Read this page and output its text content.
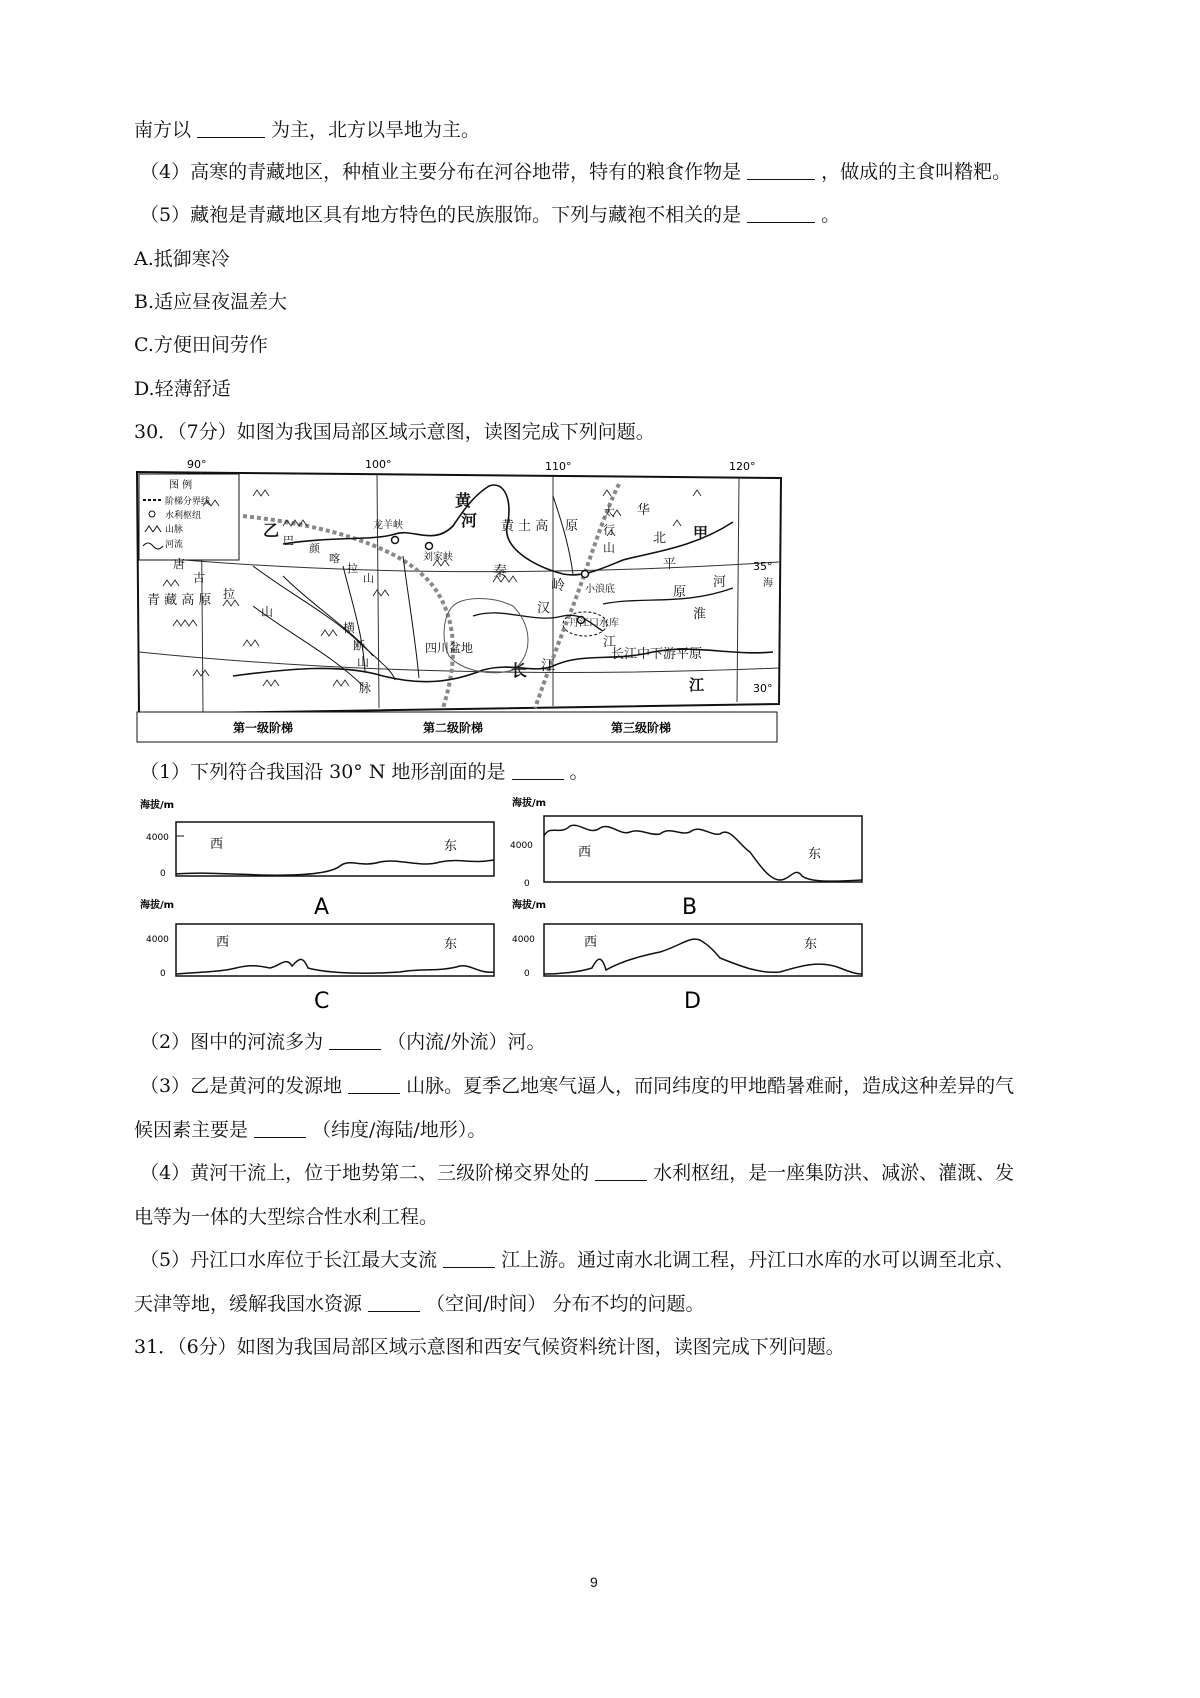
南方以	为主，北方以旱地为主。
（4）高寒的青藏地区，种植业主要分布在河谷地带，特有的粮食作物是	，做成的主食叫糌粑。
（5）藏袍是青藏地区具有地方特色的民族服饰。下列与藏袍不相关的是	。
A.抵御寒冷
B.适应昼夜温差大
C.方便田间劳作
D.轻薄舒适
30．（7分）如图为我国局部区域示意图，读图完成下列问题。
90°	100°	110°	120°
35°
30°
图 例
阶梯分界线
水利枢纽
山脉
河流
黄
河
龙羊峡
刘家峡
乙
巴
颜
喀
拉
山
黄 土 高 原
太
行
山
华
北 甲
平
原
河
淮
海
小浪底
秦
岭
汉
丹江口水库
江
唐
古
拉
山
青 藏 高 原
横
断
山
脉
四川盆地
长 江
长江中下游平原
江
第一级阶梯	第二级阶梯	第三级阶梯
（1）下列符合我国沿 30° N 地形剖面的是	。
海拔/m
4000
0
西	东
A
海拔/m
4000
0
西	东
B
海拔/m
4000
0
西	东
C
海拔/m
4000
0
西	东
D
（2）图中的河流多为	（内流/外流）河。
（3）乙是黄河的发源地	山脉。夏季乙地寒气逼人，而同纬度的甲地酷暑难耐，造成这种差异的气
候因素主要是	（纬度/海陆/地形）。
（4）黄河干流上，位于地势第二、三级阶梯交界处的	水利枢纽，是一座集防洪、减淤、灌溉、发
电等为一体的大型综合性水利工程。
（5）丹江口水库位于长江最大支流	江上游。通过南水北调工程，丹江口水库的水可以调至北京、
天津等地，缓解我国水资源	（空间/时间） 分布不均的问题。
31．（6分）如图为我国局部区域示意图和西安气候资料统计图，读图完成下列问题。
9
